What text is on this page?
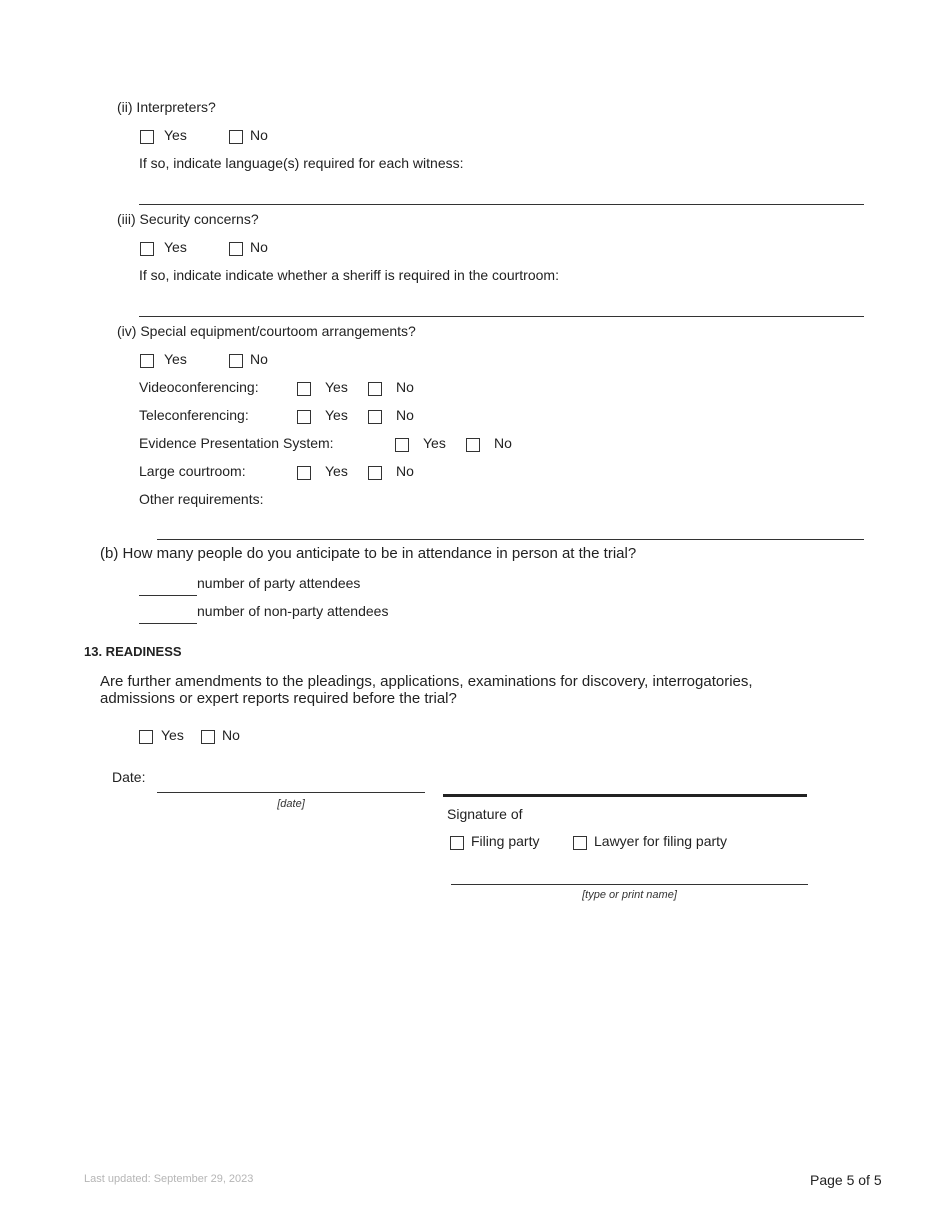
(ii) Interpreters?
Yes	No
If so, indicate language(s) required for each witness:
(iii) Security concerns?
Yes	No
If so, indicate indicate whether a sheriff is required in the courtroom:
(iv) Special equipment/courtoom arrangements?
Yes	No
Videoconferencing:	Yes	No
Teleconferencing:	Yes	No
Evidence Presentation System:	Yes	No
Large courtroom:	Yes	No
Other requirements:
(b) How many people do you anticipate to be in attendance in person at the trial?
number of party attendees
number of non-party attendees
13. READINESS
Are further amendments to the pleadings, applications, examinations for discovery, interrogatories, admissions or expert reports required before the trial?
Yes	No
Date:
[date]
Signature of
Filing party	Lawyer for filing party
[type or print name]
Last updated: September 29, 2023	Page 5 of 5
